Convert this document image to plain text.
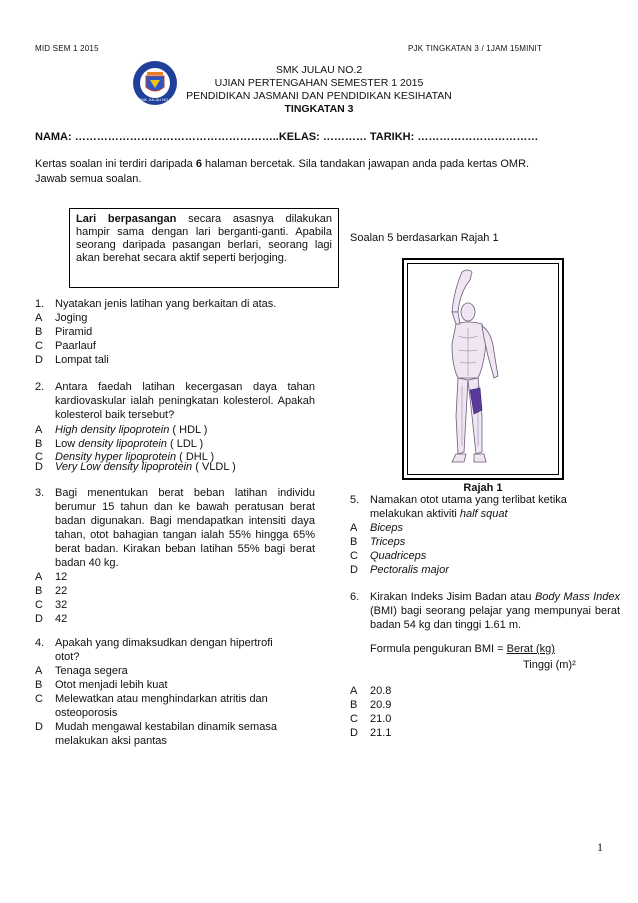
MID SEM 1 2015	PJK TINGKATAN 3 / 1JAM 15MINIT
SMK JULAU NO.2
SMK JULAU NO.2
UJIAN PERTENGAHAN SEMESTER 1 2015
PENDIDIKAN JASMANI DAN PENDIDIKAN KESIHATAN
TINGKATAN 3
NAMA: ………………………………………………..KELAS: ………… TARIKH: ……………………………
Kertas soalan ini terdiri daripada 6 halaman bercetak. Sila tandakan jawapan anda pada kertas OMR.
Jawab semua soalan.
Lari berpasangan secara asasnya dilakukan hampir sama dengan lari berganti-ganti. Apabila seorang daripada pasangan berlari, seorang lagi akan berehat secara aktif seperti berjoging.
1. Nyatakan jenis latihan yang berkaitan di atas.
A Joging
B Piramid
C Paarlauf
D Lompat tali
2. Antara faedah latihan kecergasan daya tahan kardiovaskular ialah peningkatan kolesterol. Apakah kolesterol baik tersebut?
A High density lipoprotein ( HDL )
B Low density lipoprotein ( LDL )
C Density hyper lipoprotein ( DHL )
D Very Low density lipoprotein ( VLDL )
3. Bagi menentukan berat beban latihan individu berumur 15 tahun dan ke bawah peratusan berat badan digunakan. Bagi mendapatkan intensiti daya tahan, otot bahagian tangan ialah 55% hingga 65% berat badan. Kirakan beban latihan 55% bagi berat badan 40 kg.
A 12
B 22
C 32
D 42
4. Apakah yang dimaksudkan dengan hipertrofi otot?
A Tenaga segera
B Otot menjadi lebih kuat
C Melewatkan atau menghindarkan atritis dan osteoporosis
D Mudah mengawal kestabilan dinamik semasa melakukan aksi pantas
Soalan 5 berdasarkan Rajah 1
Rajah 1
5. Namakan otot utama yang terlibat ketika melakukan aktiviti half squat
A Biceps
B Triceps
C Quadriceps
D Pectoralis major
6. Kirakan Indeks Jisim Badan atau Body Mass Index (BMI) bagi seorang pelajar yang mempunyai berat badan 54 kg dan tinggi 1.61 m.
Formula pengukuran BMI = Berat (kg)
Tinggi (m)²
A 20.8
B 20.9
C 21.0
D 21.1
1
